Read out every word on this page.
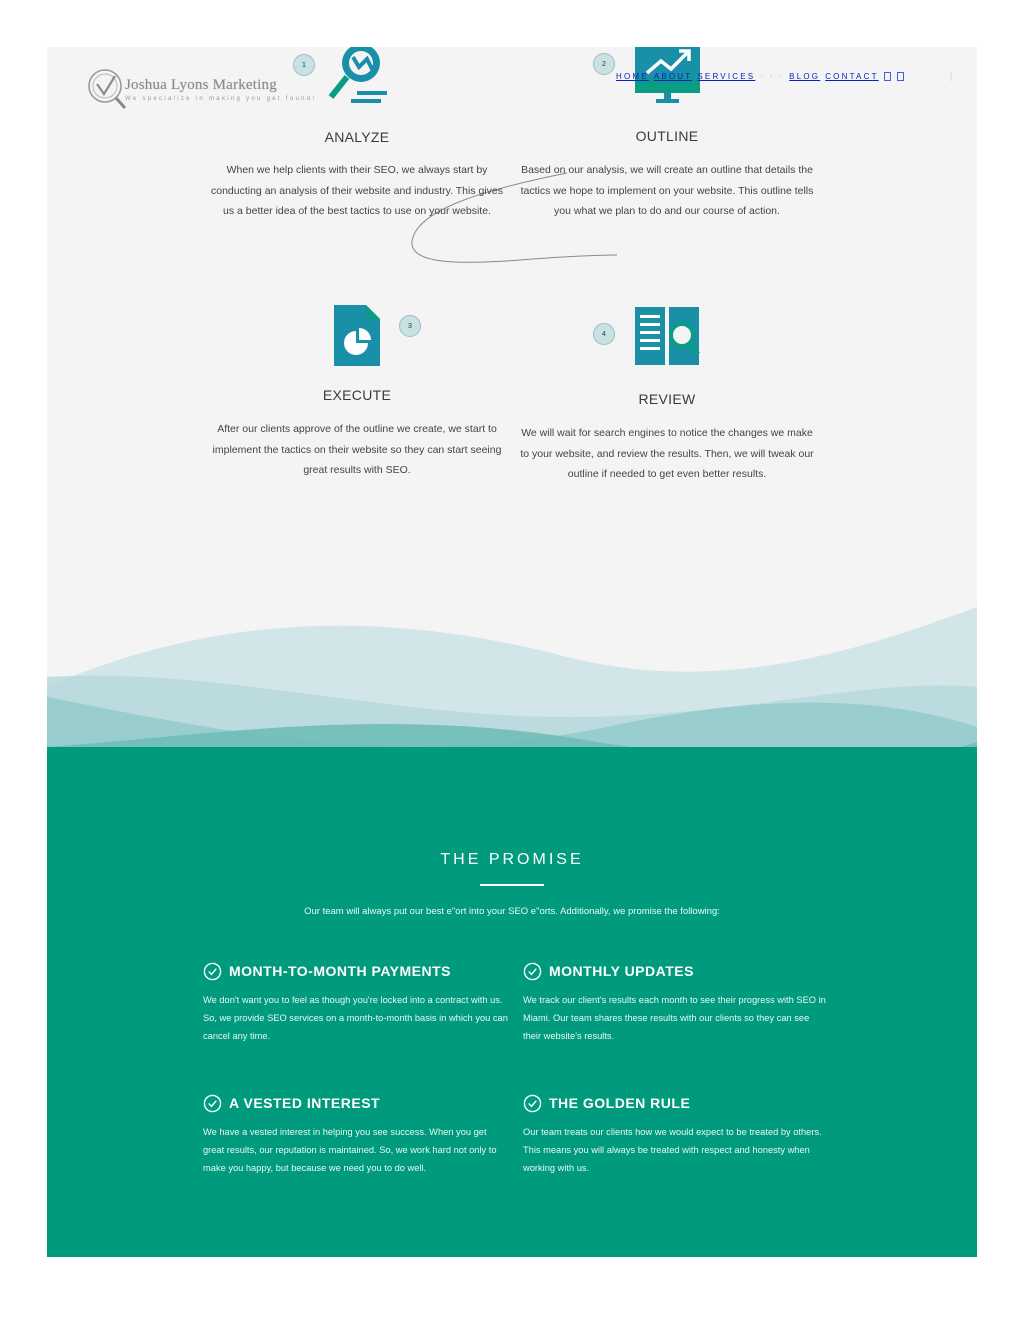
Joshua Lyons Marketing
We specialize in making you get found!
HOME ABOUT SERVICES • • • BLOG CONTACT	|
1
ANALYZE
When we help clients with their SEO, we always start by conducting an analysis of their website and industry. This gives us a better idea of the best tactics to use on your website.
2
OUTLINE
Based on our analysis, we will create an outline that details the tactics we hope to implement on your website. This outline tells you what we plan to do and our course of action.
3
EXECUTE
After our clients approve of the outline we create, we start to implement the tactics on their website so they can start seeing great results with SEO.
4
REVIEW
We will wait for search engines to notice the changes we make to your website, and review the results. Then, we will tweak our outline if needed to get even better results.
THE PROMISE
Our team will always put our best e"ort into your SEO e"orts. Additionally, we promise the following:
MONTH-TO-MONTH PAYMENTS
We don't want you to feel as though you're locked into a contract with us. So, we provide SEO services on a month-to-month basis in which you can cancel any time.
MONTHLY UPDATES
We track our client's results each month to see their progress with SEO in Miami. Our team shares these results with our clients so they can see their website's results.
A VESTED INTEREST
We have a vested interest in helping you see success. When you get great results, our reputation is maintained. So, we work hard not only to make you happy, but because we need you to do well.
THE GOLDEN RULE
Our team treats our clients how we would expect to be treated by others. This means you will always be treated with respect and honesty when working with us.
